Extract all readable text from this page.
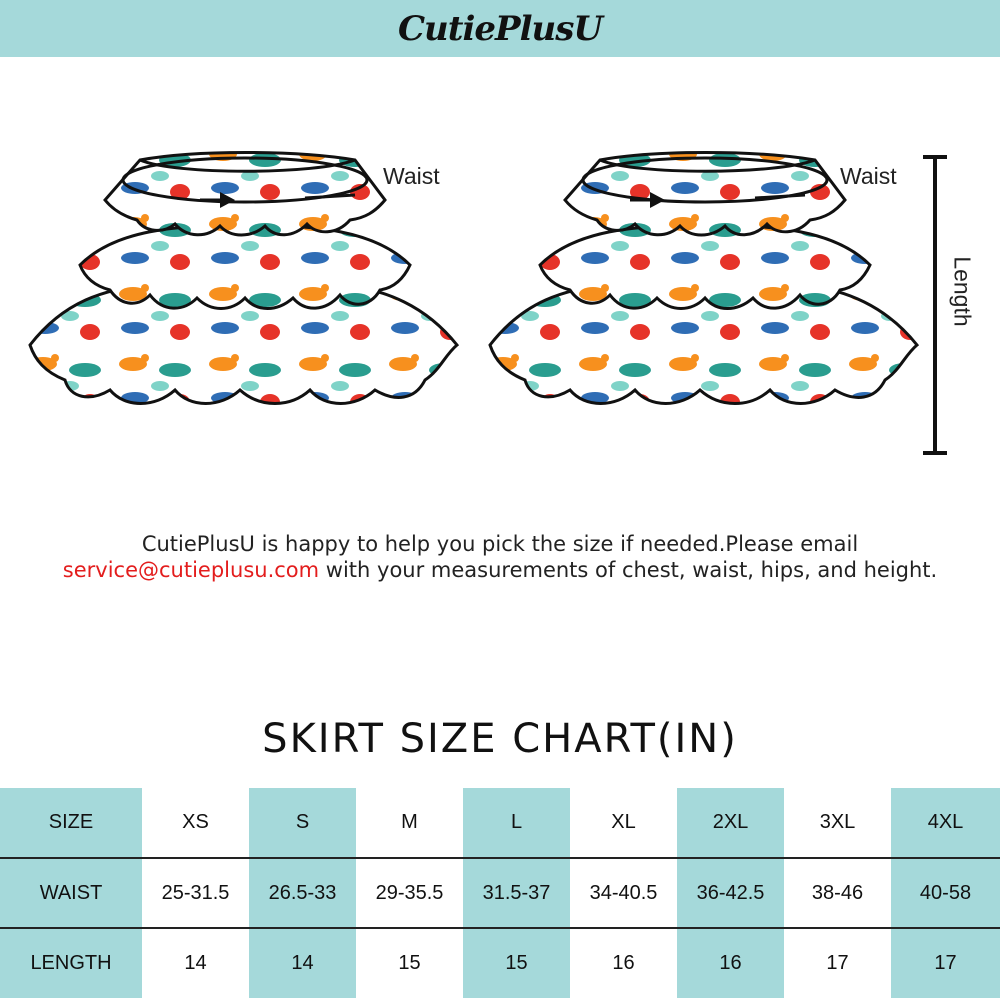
CutiePlusU
Waist	Waist
Length
CutiePlusU is happy to help you pick the size if needed.Please email
service@cutieplusu.com with your measurements of chest, waist, hips, and height.
SKIRT SIZE CHART(IN)
SIZE	XS	S	M	L	XL	2XL	3XL	4XL
WAIST	25-31.5	26.5-33	29-35.5	31.5-37	34-40.5	36-42.5	38-46	40-58
LENGTH	14	14	15	15	16	16	17	17
